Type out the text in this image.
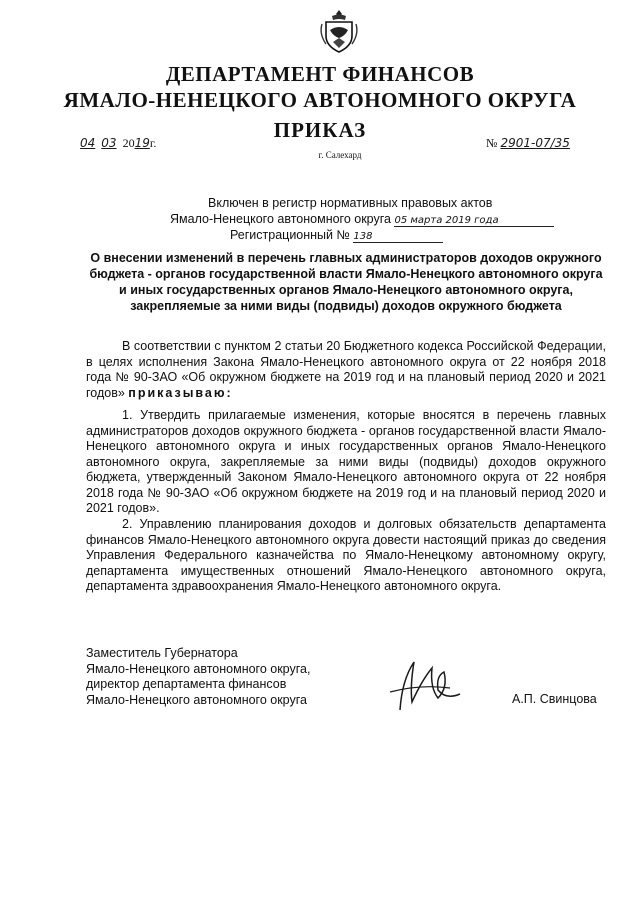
ДЕПАРТАМЕНТ ФИНАНСОВ
ЯМАЛО-НЕНЕЦКОГО АВТОНОМНОГО ОКРУГА
ПРИКАЗ
04 03 2019г.	№ 2901-07/35
г. Салехард
Включен в регистр нормативных правовых актов
Ямало-Ненецкого автономного округа 05 марта 2019 года
Регистрационный № 138
О внесении изменений в перечень главных администраторов доходов окружного бюджета - органов государственной власти Ямало-Ненецкого автономного округа и иных государственных органов Ямало-Ненецкого автономного округа, закрепляемые за ними виды (подвиды) доходов окружного бюджета
В соответствии с пунктом 2 статьи 20 Бюджетного кодекса Российской Федерации, в целях исполнения Закона Ямало-Ненецкого автономного округа от 22 ноября 2018 года № 90-ЗАО «Об окружном бюджете на 2019 год и на плановый период 2020 и 2021 годов» приказываю:
1. Утвердить прилагаемые изменения, которые вносятся в перечень главных администраторов доходов окружного бюджета - органов государственной власти Ямало-Ненецкого автономного округа и иных государственных органов Ямало-Ненецкого автономного округа, закрепляемые за ними виды (подвиды) доходов окружного бюджета, утвержденный Законом Ямало-Ненецкого автономного округа от 22 ноября 2018 года № 90-ЗАО «Об окружном бюджете на 2019 год и на плановый период 2020 и 2021 годов».
2. Управлению планирования доходов и долговых обязательств департамента финансов Ямало-Ненецкого автономного округа довести настоящий приказ до сведения Управления Федерального казначейства по Ямало-Ненецкому автономному округу, департамента имущественных отношений Ямало-Ненецкого автономного округа, департамента здравоохранения Ямало-Ненецкого автономного округа.
Заместитель Губернатора
Ямало-Ненецкого автономного округа,
директор департамента финансов
Ямало-Ненецкого автономного округа	А.П. Свинцова
